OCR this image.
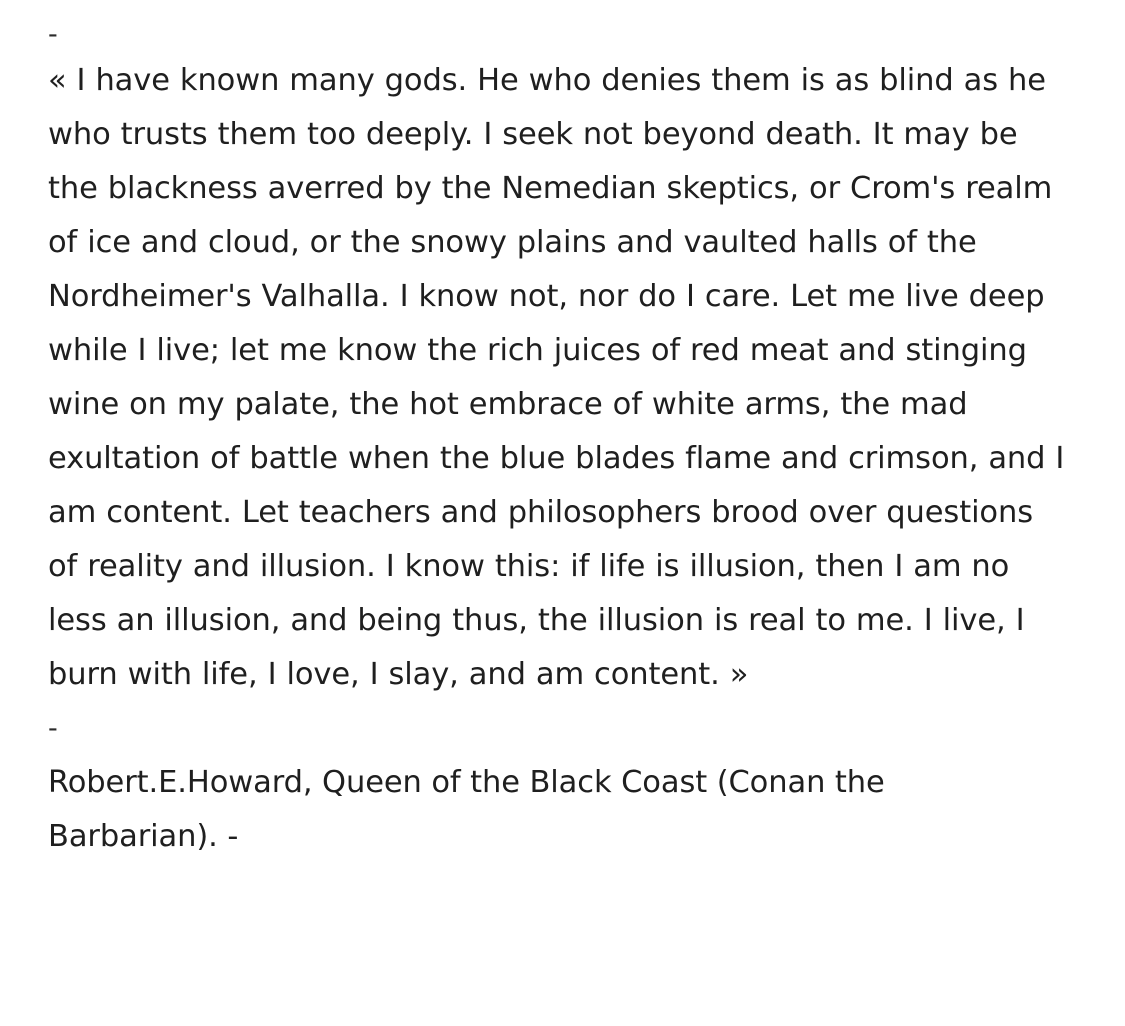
-

« I have known many gods. He who denies them is as blind as he who trusts them too deeply. I seek not beyond death. It may be the blackness averred by the Nemedian skeptics, or Crom's realm of ice and cloud, or the snowy plains and vaulted halls of the Nordheimer's Valhalla. I know not, nor do I care. Let me live deep while I live; let me know the rich juices of red meat and stinging wine on my palate, the hot embrace of white arms, the mad exultation of battle when the blue blades flame and crimson, and I am content. Let teachers and philosophers brood over questions of reality and illusion. I know this: if life is illusion, then I am no less an illusion, and being thus, the illusion is real to me. I live, I burn with life, I love, I slay, and am content. »

-

Robert.E.Howard, Queen of the Black Coast (Conan the Barbarian). -
